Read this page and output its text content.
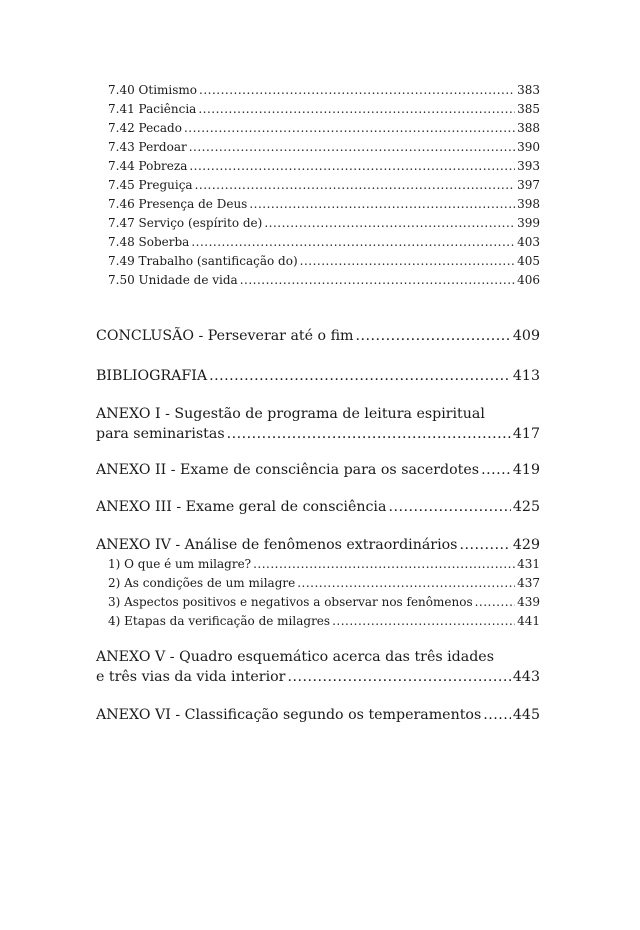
7.40 Otimismo .....	383
7.41 Paciência .....	385
7.42 Pecado .....	388
7.43 Perdoar .....	390
7.44 Pobreza .....	393
7.45 Preguiça .....	397
7.46 Presença de Deus .....	398
7.47 Serviço (espírito de) .....	399
7.48 Soberba .....	403
7.49 Trabalho (santificação do) .....	405
7.50 Unidade de vida .....	406
CONCLUSÃO - Perseverar até o fim .....	409
BIBLIOGRAFIA .....	413
ANEXO I - Sugestão de programa de leitura espiritual
para seminaristas .....	417
ANEXO II - Exame de consciência para os sacerdotes ..... 419
ANEXO III - Exame geral de consciência .....	425
ANEXO IV - Análise de fenômenos extraordinários .....	429
1) O que é um milagre? .....	431
2) As condições de um milagre .....	437
3) Aspectos positivos e negativos a observar nos fenômenos .....	439
4) Etapas da verificação de milagres .....	441
ANEXO V - Quadro esquemático acerca das três idades
e três vias da vida interior .....	443
ANEXO VI - Classificação segundo os temperamentos ..... 445
